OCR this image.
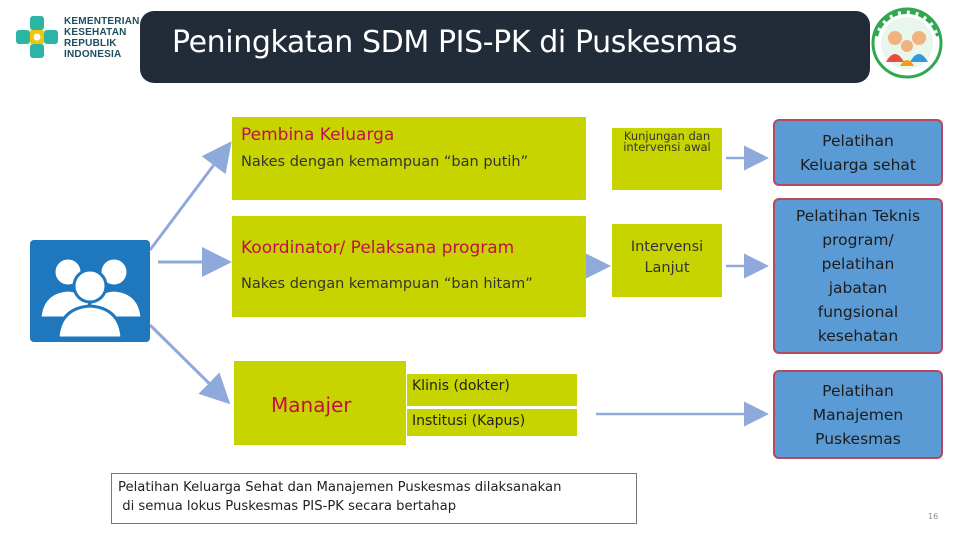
KEMENTERIAN
KESEHATAN
REPUBLIK
INDONESIA	Peningkatan SDM PIS-PK di Puskesmas
Pembina Keluarga
Nakes dengan kemampuan “ban putih”
Koordinator/ Pelaksana program
Nakes dengan kemampuan “ban hitam”
Manajer
Klinis (dokter)
Institusi (Kapus)
Kunjungan dan
intervensi awal
Intervensi
Lanjut
Pelatihan
Keluarga sehat
Pelatihan Teknis
program/
pelatihan
jabatan
fungsional
kesehatan
Pelatihan
Manajemen
Puskesmas
Pelatihan Keluarga Sehat dan Manajemen Puskesmas dilaksanakan
di semua lokus Puskesmas PIS-PK secara bertahap
16
